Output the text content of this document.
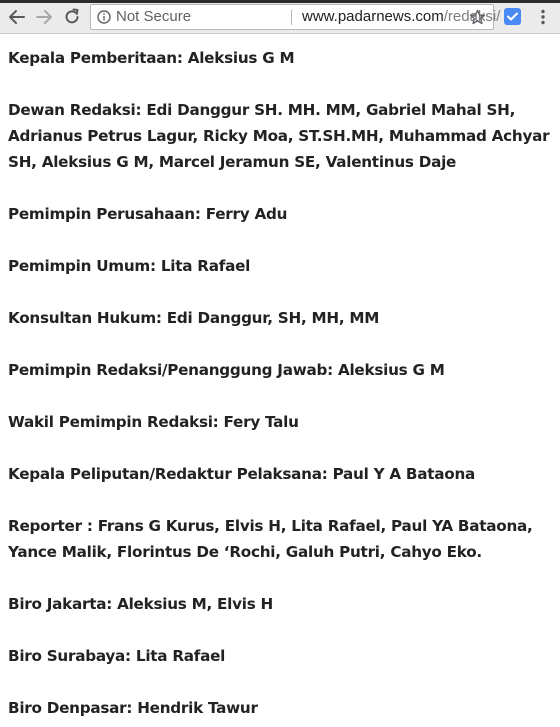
Not Secure	www.padarnews.com/redaksi/

Kepala Pemberitaan: Aleksius G M

Dewan Redaksi: Edi Danggur SH. MH. MM, Gabriel Mahal SH, Adrianus Petrus Lagur, Ricky Moa, ST.SH.MH, Muhammad Achyar SH, Aleksius G M, Marcel Jeramun SE, Valentinus Daje

Pemimpin Perusahaan: Ferry Adu

Pemimpin Umum: Lita Rafael

Konsultan Hukum: Edi Danggur, SH, MH, MM

Pemimpin Redaksi/Penanggung Jawab: Aleksius G M

Wakil Pemimpin Redaksi: Fery Talu

Kepala Peliputan/Redaktur Pelaksana: Paul Y A Bataona

Reporter : Frans G Kurus, Elvis H, Lita Rafael, Paul YA Bataona, Yance Malik, Florintus De ‘Rochi, Galuh Putri, Cahyo Eko.

Biro Jakarta: Aleksius M, Elvis H

Biro Surabaya: Lita Rafael

Biro Denpasar: Hendrik Tawur
